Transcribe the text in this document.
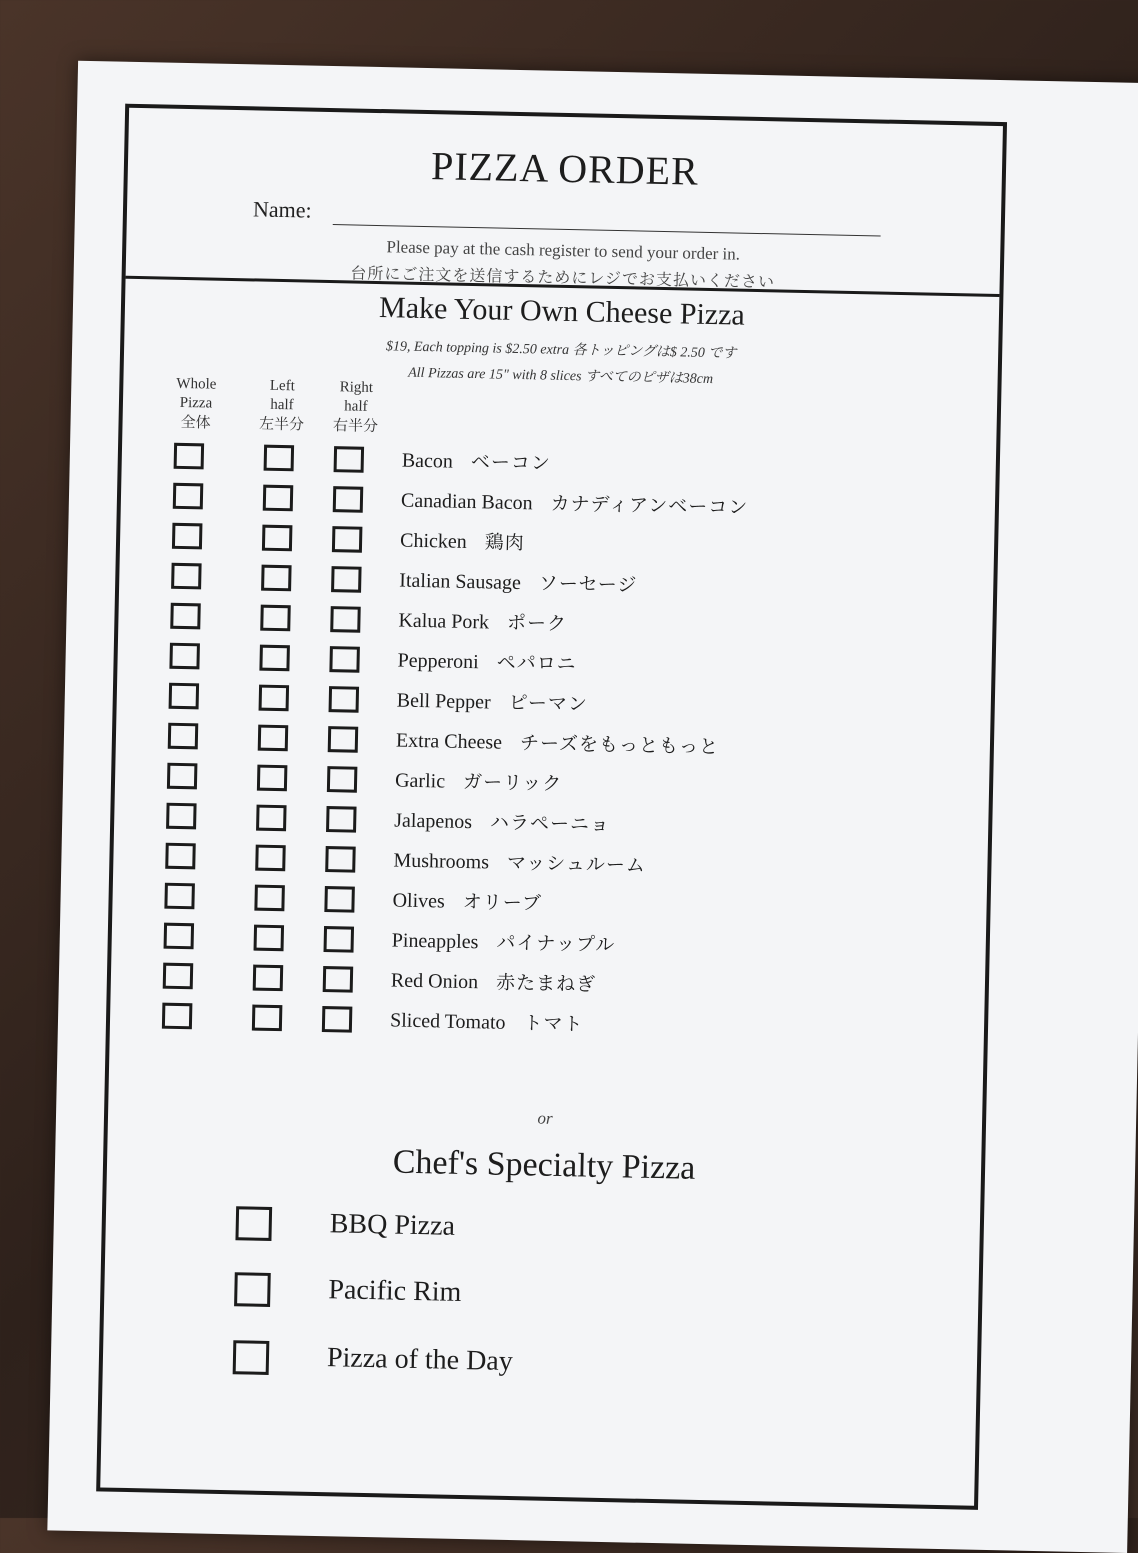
PIZZA ORDER
Name:
Please pay at the cash register to send your order in.
台所にご注文を送信するためにレジでお支払いください
Make Your Own Cheese Pizza
$19, Each topping is $2.50 extra 各トッピングは$ 2.50 です
All Pizzas are 15" with 8 slices すべてのピザは38cm
Whole
Pizza
全体
Left
half
左半分
Right
half
右半分
Bacon ベーコン
Canadian Bacon カナディアンベーコン
Chicken 鶏肉
Italian Sausage ソーセージ
Kalua Pork ポーク
Pepperoni ペパロニ
Bell Pepper ピーマン
Extra Cheese チーズをもっともっと
Garlic ガーリック
Jalapenos ハラペーニョ
Mushrooms マッシュルーム
Olives オリーブ
Pineapples パイナップル
Red Onion 赤たまねぎ
Sliced Tomato トマト
or
Chef's Specialty Pizza
BBQ Pizza
Pacific Rim
Pizza of the Day
